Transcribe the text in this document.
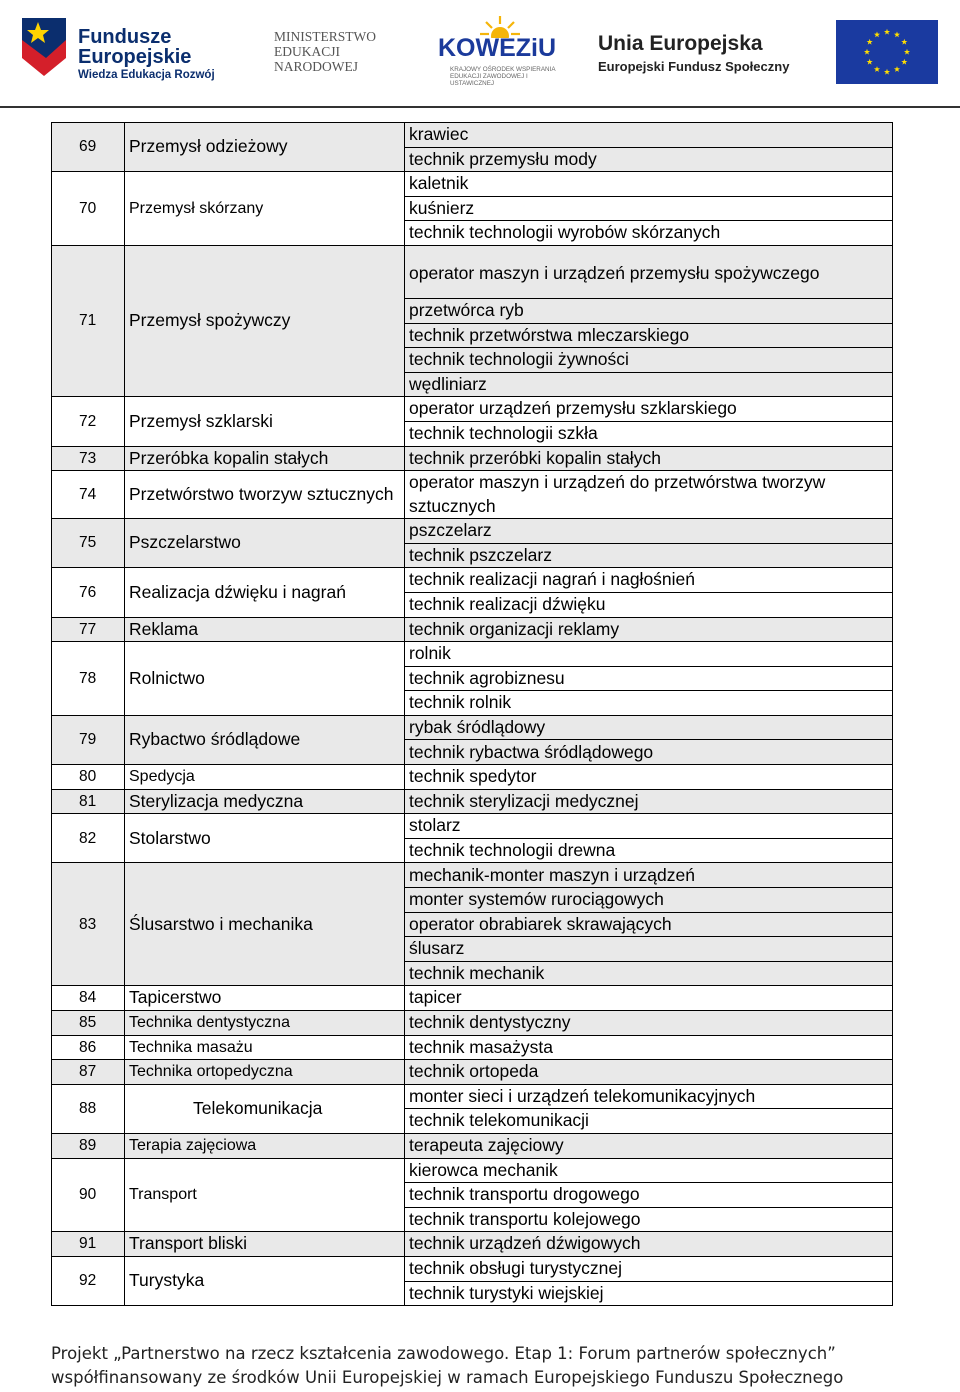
Fundusze
Europejskie
Wiedza Edukacja Rozwój
MINISTERSTWO
EDUKACJI
NARODOWEJ
KOWEZiU
KRAJOWY OŚRODEK WSPIERANIA EDUKACJI ZAWODOWEJ I USTAWICZNEJ
Unia Europejska
Europejski Fundusz Społeczny
69	Przemysł odzieżowy	krawiec
		technik przemysłu mody
70	Przemysł skórzany	kaletnik
		kuśnierz
		technik technologii wyrobów skórzanych
71	Przemysł spożywczy	operator maszyn i urządzeń przemysłu spożywczego
		przetwórca ryb
		technik przetwórstwa mleczarskiego
		technik technologii żywności
		wędliniarz
72	Przemysł szklarski	operator urządzeń przemysłu szklarskiego
		technik technologii szkła
73	Przeróbka kopalin stałych	technik przeróbki kopalin stałych
74	Przetwórstwo tworzyw sztucznych	operator maszyn i urządzeń do przetwórstwa tworzyw sztucznych
75	Pszczelarstwo	pszczelarz
		technik pszczelarz
76	Realizacja dźwięku i nagrań	technik realizacji nagrań i nagłośnień
		technik realizacji dźwięku
77	Reklama	technik organizacji reklamy
78	Rolnictwo	rolnik
		technik agrobiznesu
		technik rolnik
79	Rybactwo śródlądowe	rybak śródlądowy
		technik rybactwa śródlądowego
80	Spedycja	technik spedytor
81	Sterylizacja medyczna	technik sterylizacji medycznej
82	Stolarstwo	stolarz
		technik technologii drewna
83	Ślusarstwo i mechanika	mechanik-monter maszyn i urządzeń
		monter systemów rurociągowych
		operator obrabiarek skrawających
		ślusarz
		technik mechanik
84	Tapicerstwo	tapicer
85	Technika dentystyczna	technik dentystyczny
86	Technika masażu	technik masażysta
87	Technika ortopedyczna	technik ortopeda
88	Telekomunikacja	monter sieci i urządzeń telekomunikacyjnych
		technik telekomunikacji
89	Terapia zajęciowa	terapeuta zajęciowy
90	Transport	kierowca mechanik
		technik transportu drogowego
		technik transportu kolejowego
91	Transport bliski	technik urządzeń dźwigowych
92	Turystyka	technik obsługi turystycznej
		technik turystyki wiejskiej
Projekt „Partnerstwo na rzecz kształcenia zawodowego. Etap 1: Forum partnerów społecznych”
współfinansowany ze środków Unii Europejskiej w ramach Europejskiego Funduszu Społecznego
